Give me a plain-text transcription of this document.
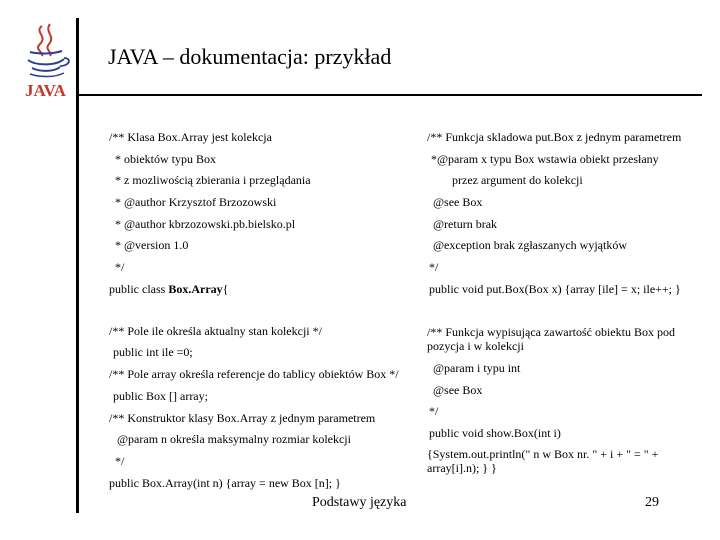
JAVA
JAVA – dokumentacja: przykład
/** Klasa Box.Array jest kolekcja
* obiektów typu Box
* z mozliwością zbierania i przeglądania
* @author Krzysztof Brzozowski
* @author kbrzozowski.pb.bielsko.pl
* @version 1.0
*/
public class Box.Array{
/** Pole ile określa aktualny stan kolekcji */
public int ile =0;
/** Pole array określa referencje do tablicy obiektów Box */
public Box [] array;
/** Konstruktor klasy Box.Array z jednym parametrem
@param n określa maksymalny rozmiar kolekcji
*/
public Box.Array(int n) {array = new Box [n]; }
/** Funkcja skladowa put.Box z jednym parametrem
*@param x typu Box wstawia obiekt przesłany
przez argument do kolekcji
@see Box
@return brak
@exception brak zgłaszanych wyjątków
*/
public void put.Box(Box x) {array [ile] = x; ile++; }
/** Funkcja wypisująca zawartość obiektu Box pod pozycja i w kolekcji
@param i typu int
@see Box
*/
public void show.Box(int i)
{System.out.println(" n w Box nr. " + i + " = " + array[i].n); } }
Podstawy języka	29
